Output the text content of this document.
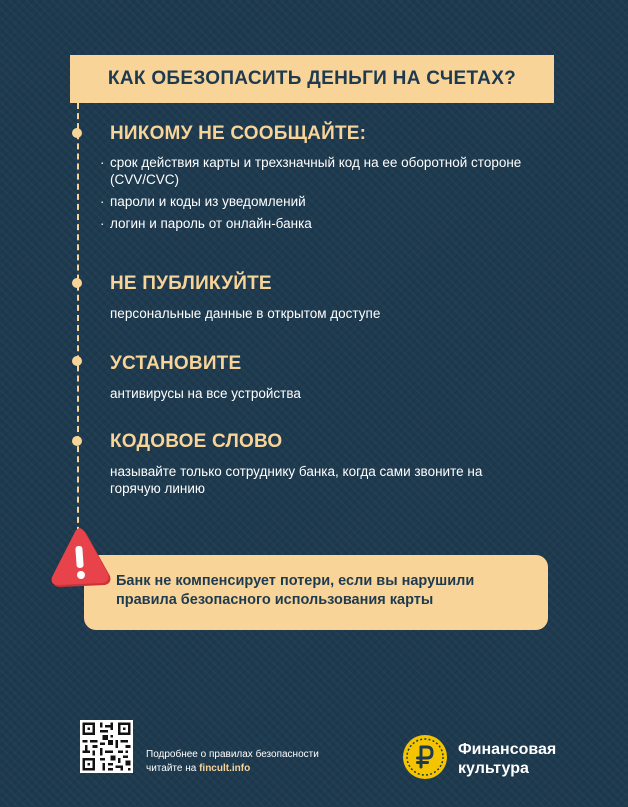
КАК ОБЕЗОПАСИТЬ ДЕНЬГИ НА СЧЕТАХ?
НИКОМУ НЕ СООБЩАЙТЕ:
· срок действия карты и трехзначный код на ее оборотной стороне (CVV/CVC)
· пароли и коды из уведомлений
· логин и пароль от онлайн-банка
НЕ ПУБЛИКУЙТЕ
персональные данные в открытом доступе
УСТАНОВИТЕ
антивирусы на все устройства
КОДОВОЕ СЛОВО
называйте только сотруднику банка, когда сами звоните на горячую линию
Банк не компенсирует потери, если вы нарушили
правила безопасного использования карты
Подробнее о правилах безопасности
читайте на fincult.info
Финансовая
культура
